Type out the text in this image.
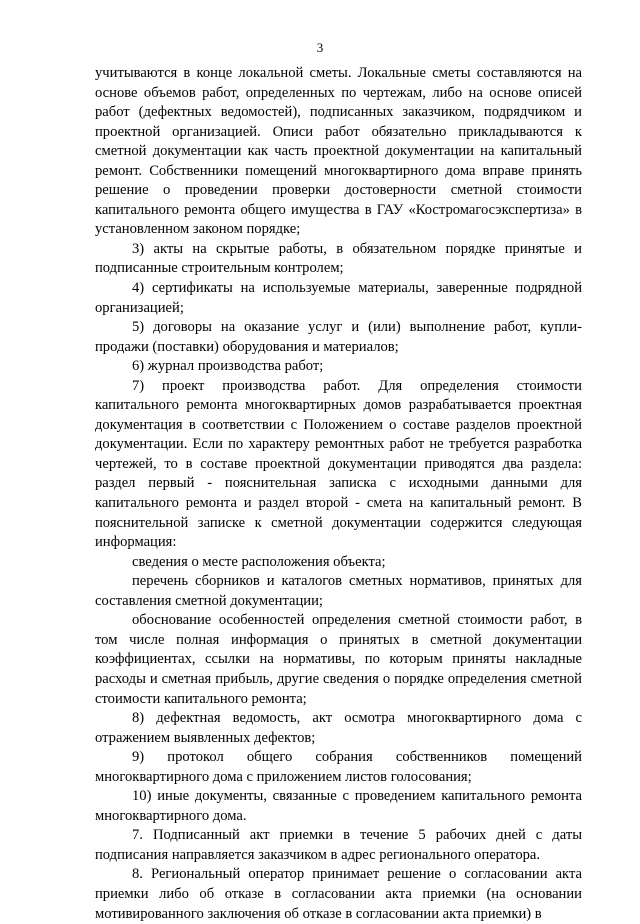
3

учитываются в конце локальной сметы. Локальные сметы составляются на основе объемов работ, определенных по чертежам, либо на основе описей работ (дефектных ведомостей), подписанных заказчиком, подрядчиком и проектной организацией. Описи работ обязательно прикладываются к сметной документации как часть проектной документации на капитальный ремонт. Собственники помещений многоквартирного дома вправе принять решение о проведении проверки достоверности сметной стоимости капитального ремонта общего имущества в ГАУ «Костромагосэкспертиза» в установленном законом порядке;

3) акты на скрытые работы, в обязательном порядке принятые и подписанные строительным контролем;

4) сертификаты на используемые материалы, заверенные подрядной организацией;

5) договоры на оказание услуг и (или) выполнение работ, купли-продажи (поставки) оборудования и материалов;

6) журнал производства работ;

7) проект производства работ. Для определения стоимости капитального ремонта многоквартирных домов разрабатывается проектная документация в соответствии с Положением о составе разделов проектной документации. Если по характеру ремонтных работ не требуется разработка чертежей, то в составе проектной документации приводятся два раздела: раздел первый - пояснительная записка с исходными данными для капитального ремонта и раздел второй - смета на капитальный ремонт. В пояснительной записке к сметной документации содержится следующая информация:

сведения о месте расположения объекта;

перечень сборников и каталогов сметных нормативов, принятых для составления сметной документации;

обоснование особенностей определения сметной стоимости работ, в том числе полная информация о принятых в сметной документации коэффициентах, ссылки на нормативы, по которым приняты накладные расходы и сметная прибыль, другие сведения о порядке определения сметной стоимости капитального ремонта;

8) дефектная ведомость, акт осмотра многоквартирного дома с отражением выявленных дефектов;

9) протокол общего собрания собственников помещений многоквартирного дома с приложением листов голосования;

10) иные документы, связанные с проведением капитального ремонта многоквартирного дома.

7. Подписанный акт приемки в течение 5 рабочих дней с даты подписания направляется заказчиком в адрес регионального оператора.

8. Региональный оператор принимает решение о согласовании акта приемки либо об отказе в согласовании акта приемки (на основании мотивированного заключения об отказе в согласовании акта приемки) в
